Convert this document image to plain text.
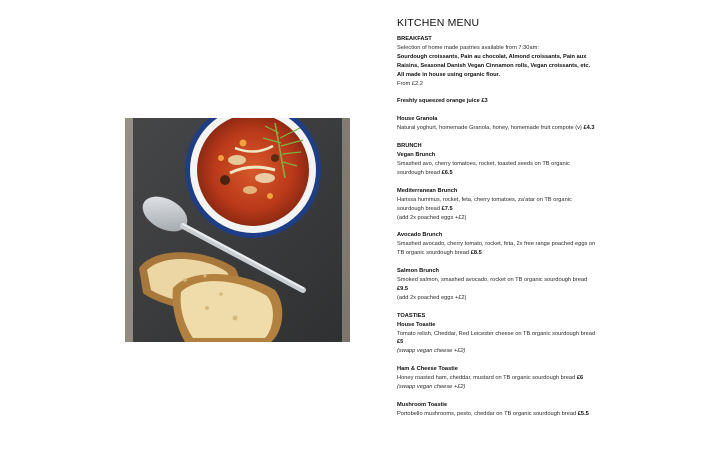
KITCHEN MENU
BREAKFAST
Selection of home made pastries available from 7:30am:
Sourdough croissants, Pain au chocolat, Almond croissants, Pain aux Raisins, Seasonal Danish Vegan Cinnamon rolls, Vegan croissants, etc. All made in house using organic flour.
From £2.2
Freshly squeezed orange juice £3
House Granola
Natural yoghurt, homemade Granola, honey, homemade fruit compote (v) £4.3
BRUNCH
Vegan Brunch
Smashed avo, cherry tomatoes, rocket, toasted seeds on TB organic sourdough bread £6.5
Mediterranean Brunch
Harissa hummus, rocket, feta, cherry tomatoes, za'atar on TB organic sourdough bread £7.5
(add 2x poached eggs +£2)
Avocado Brunch
Smashed avocado, cherry tomato, rocket, feta, 2x free range poached eggs on TB organic sourdough bread £8.5
Salmon Brunch
Smoked salmon, smashed avocado, rocket on TB organic sourdough bread £9.5
(add 2x poached eggs +£2)
TOASTIES
House Toastie
Tomato relish, Cheddar, Red Leicester cheese on TB organic sourdough bread £5
(swapp vegan cheese +£2)
Ham & Cheese Toastie
Honey roasted ham, cheddar, mustard on TB organic sourdough bread £6
(swapp vegan cheese +£2)
Mushroom Toastie
Portobello mushrooms, pesto, cheddar on TB organic sourdough bread £5.5
